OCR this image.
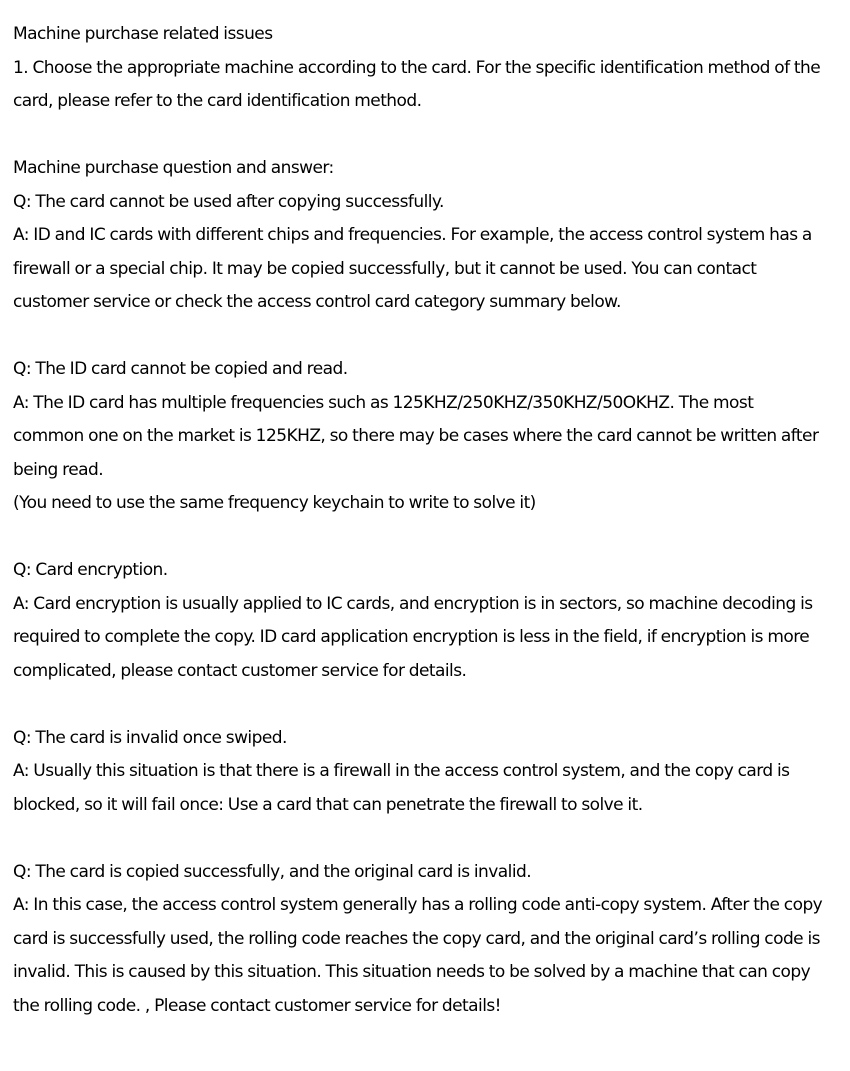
Machine purchase related issues
1. Choose the appropriate machine according to the card. For the specific identification method of the
card, please refer to the card identification method.
Machine purchase question and answer:
Q: The card cannot be used after copying successfully.
A: ID and IC cards with different chips and frequencies. For example, the access control system has a
firewall or a special chip. It may be copied successfully, but it cannot be used. You can contact
customer service or check the access control card category summary below.
Q: The ID card cannot be copied and read.
A: The ID card has multiple frequencies such as 125KHZ/250KHZ/350KHZ/50OKHZ. The most
common one on the market is 125KHZ, so there may be cases where the card cannot be written after
being read.
(You need to use the same frequency keychain to write to solve it)
Q: Card encryption.
A: Card encryption is usually applied to IC cards, and encryption is in sectors, so machine decoding is
required to complete the copy. ID card application encryption is less in the field, if encryption is more
complicated, please contact customer service for details.
Q: The card is invalid once swiped.
A: Usually this situation is that there is a firewall in the access control system, and the copy card is
blocked, so it will fail once: Use a card that can penetrate the firewall to solve it.
Q: The card is copied successfully, and the original card is invalid.
A: In this case, the access control system generally has a rolling code anti-copy system. After the copy
card is successfully used, the rolling code reaches the copy card, and the original card’s rolling code is
invalid. This is caused by this situation. This situation needs to be solved by a machine that can copy
the rolling code. , Please contact customer service for details!
